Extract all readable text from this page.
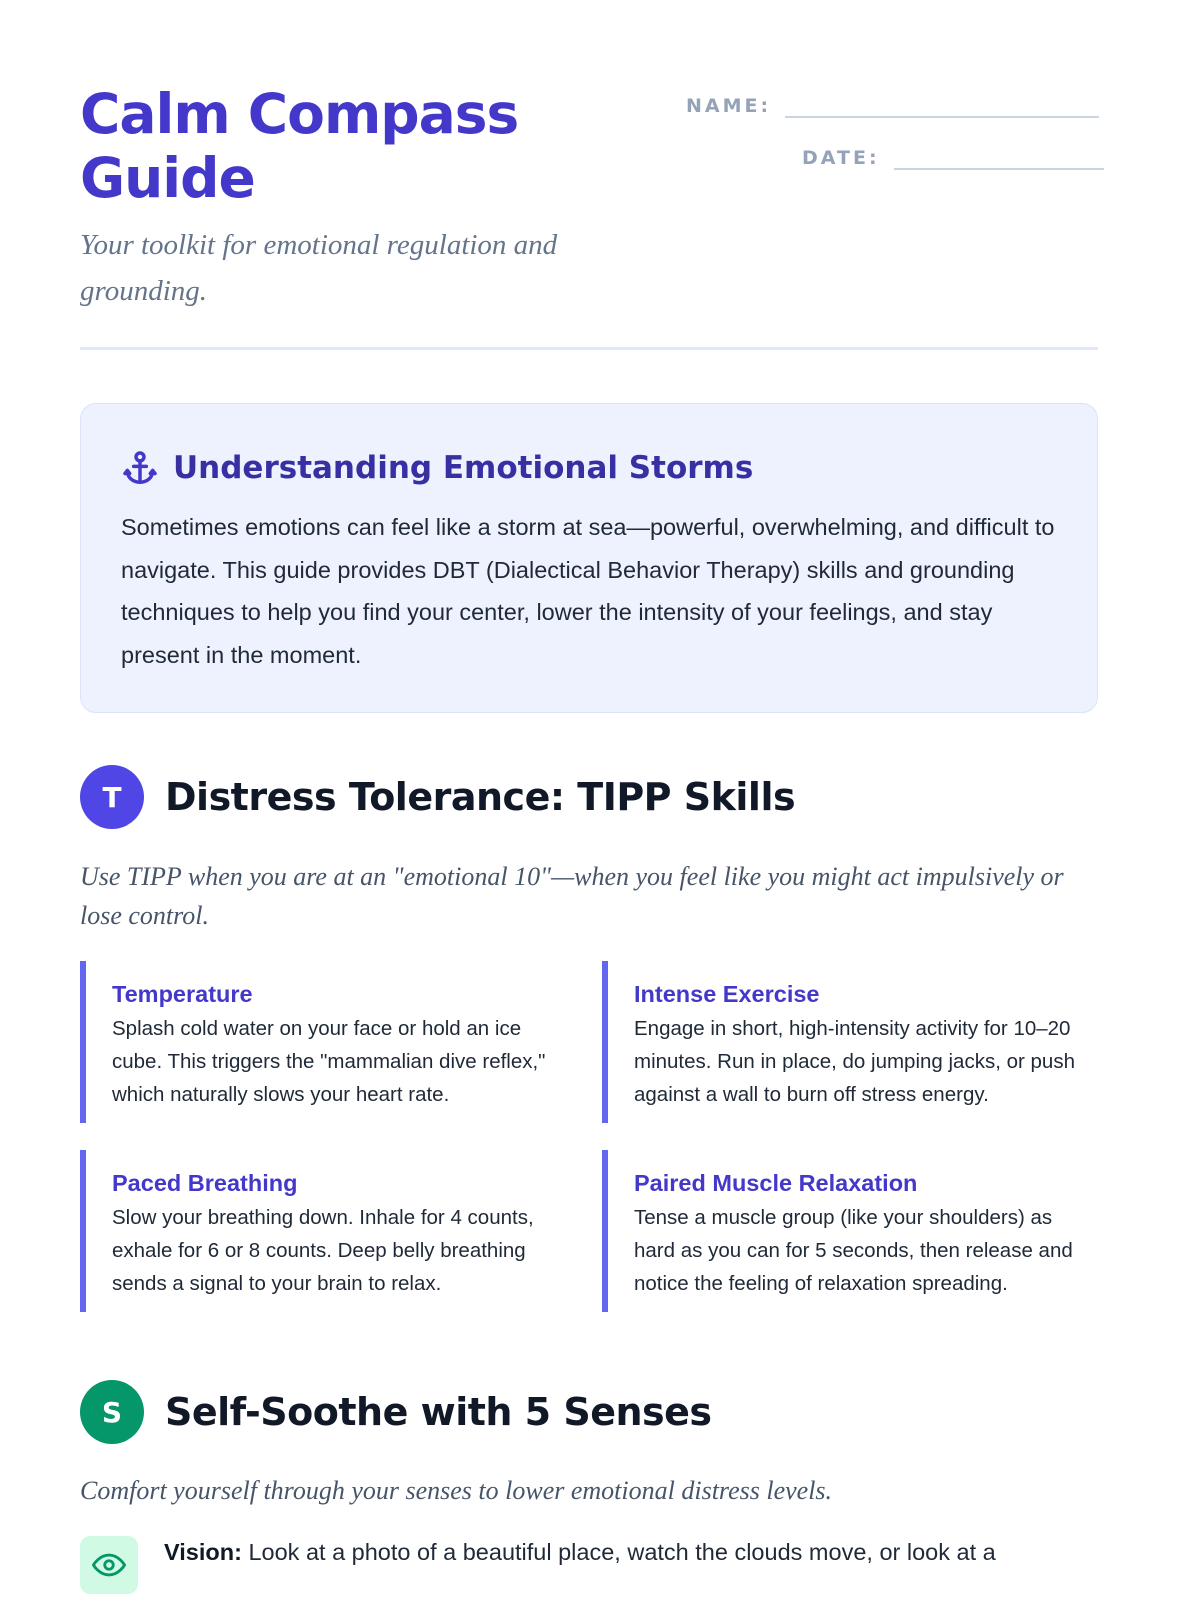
Calm Compass Guide
Your toolkit for emotional regulation and grounding.
NAME:
DATE:
Understanding Emotional Storms
Sometimes emotions can feel like a storm at sea—powerful, overwhelming, and difficult to navigate. This guide provides DBT (Dialectical Behavior Therapy) skills and grounding techniques to help you find your center, lower the intensity of your feelings, and stay present in the moment.
T	Distress Tolerance: TIPP Skills
Use TIPP when you are at an "emotional 10"—when you feel like you might act impulsively or lose control.
Temperature
Splash cold water on your face or hold an ice cube. This triggers the "mammalian dive reflex," which naturally slows your heart rate.
Intense Exercise
Engage in short, high-intensity activity for 10–20 minutes. Run in place, do jumping jacks, or push against a wall to burn off stress energy.
Paced Breathing
Slow your breathing down. Inhale for 4 counts, exhale for 6 or 8 counts. Deep belly breathing sends a signal to your brain to relax.
Paired Muscle Relaxation
Tense a muscle group (like your shoulders) as hard as you can for 5 seconds, then release and notice the feeling of relaxation spreading.
S	Self-Soothe with 5 Senses
Comfort yourself through your senses to lower emotional distress levels.
Vision: Look at a photo of a beautiful place, watch the clouds move, or look at a
